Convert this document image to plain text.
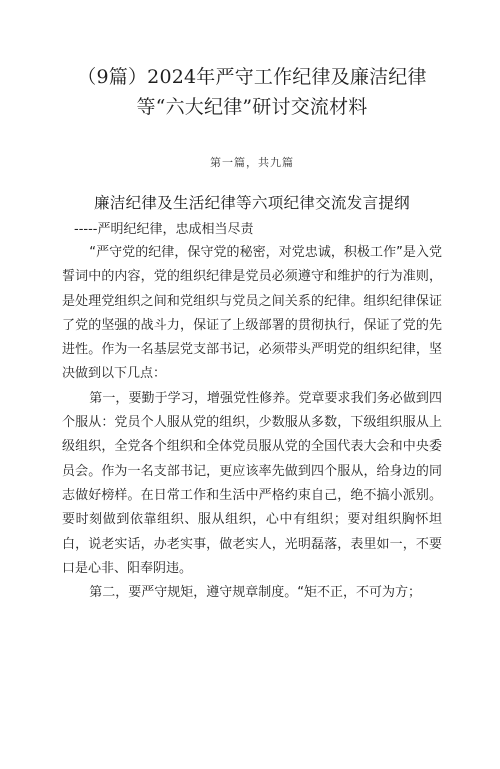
（9篇）2024年严守工作纪律及廉洁纪律等“六大纪律”研讨交流材料
第一篇，共九篇
廉洁纪律及生活纪律等六项纪律交流发言提纲
-----严明纪纪律，忠成相当尽责

“严守党的纪律，保守党的秘密，对党忠诚，积极工作”是入党誓词中的内容，党的组织纪律是党员必须遵守和维护的行为准则，是处理党组织之间和党组织与党员之间关系的纪律。组织纪律保证了党的坚强的战斗力，保证了上级部署的贯彻执行，保证了党的先进性。作为一名基层党支部书记，必须带头严明党的组织纪律，坚决做到以下几点：

第一，要勤于学习，增强党性修养。党章要求我们务必做到四个服从：党员个人服从党的组织，少数服从多数，下级组织服从上级组织，全党各个组织和全体党员服从党的全国代表大会和中央委员会。作为一名支部书记，更应该率先做到四个服从，给身边的同志做好榜样。在日常工作和生活中严格约束自己，绝不搞小派别。要时刻做到依靠组织、服从组织，心中有组织；要对组织胸怀坦白，说老实话，办老实事，做老实人，光明磊落，表里如一，不要口是心非、阳奉阴违。

第二，要严守规矩，遵守规章制度。“矩不正，不可为方；
